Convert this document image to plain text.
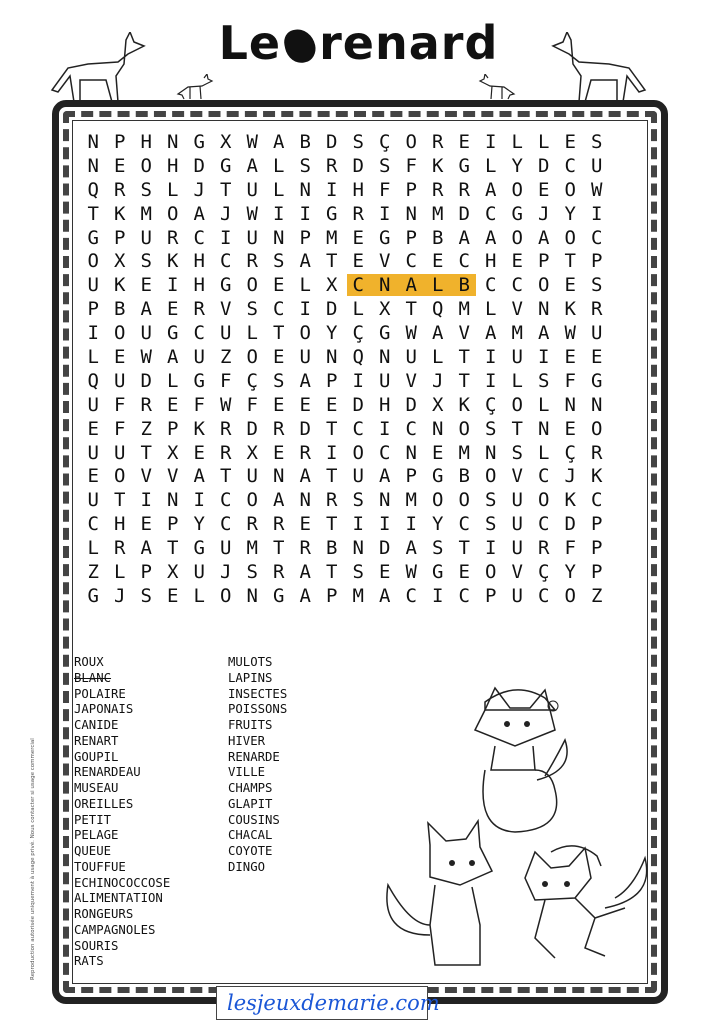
Le renard
N P H N G X W A B D S Ç O R E I L L E S
N E O H D G A L S R D S F K G L Y D C U
Q R S L J T U L N I H F P R R A O E O W
T K M O A J W I I G R I N M D C G J Y I
G P U R C I U N P M E G P B A A O A O C
O X S K H C R S A T E V C E C H E P T P
U K E I H G O E L X C N A L B C C O E S
P B A E R V S C I D L X T Q M L V N K R
I O U G C U L T O Y Ç G W A V A M A W U
L E W A U Z O E U N Q N U L T I U I E E
Q U D L G F Ç S A P I U V J T I L S F G
U F R E F W F E E E D H D X K Ç O L N N
E F Z P K R D R D T C I C N O S T N E O
U U T X E R X E R I O C N E M N S L Ç R
E O V V A T U N A T U A P G B O V C J K
U T I N I C O A N R S N M O O S U O K C
C H E P Y C R R E T I I I Y C S U C D P
L R A T G U M T R B N D A S T I U R F P
Z L P X U J S R A T S E W G E O V Ç Y P
G J S E L O N G A P M A C I C P U C O Z
ROUX
BLANC
POLAIRE
JAPONAIS
CANIDE
RENART
GOUPIL
RENARDEAU
MUSEAU
OREILLES
PETIT
PELAGE
QUEUE
TOUFFUE
ECHINOCOCCOSE
ALIMENTATION
RONGEURS
CAMPAGNOLES
SOURIS
RATS
MULOTS
LAPINS
INSECTES
POISSONS
FRUITS
HIVER
RENARDE
VILLE
CHAMPS
GLAPIT
COUSINS
CHACAL
COYOTE
DINGO
Reproduction autorisée uniquement à usage privé. Nous contacter si usage commercial
lesjeuxdemarie.com
